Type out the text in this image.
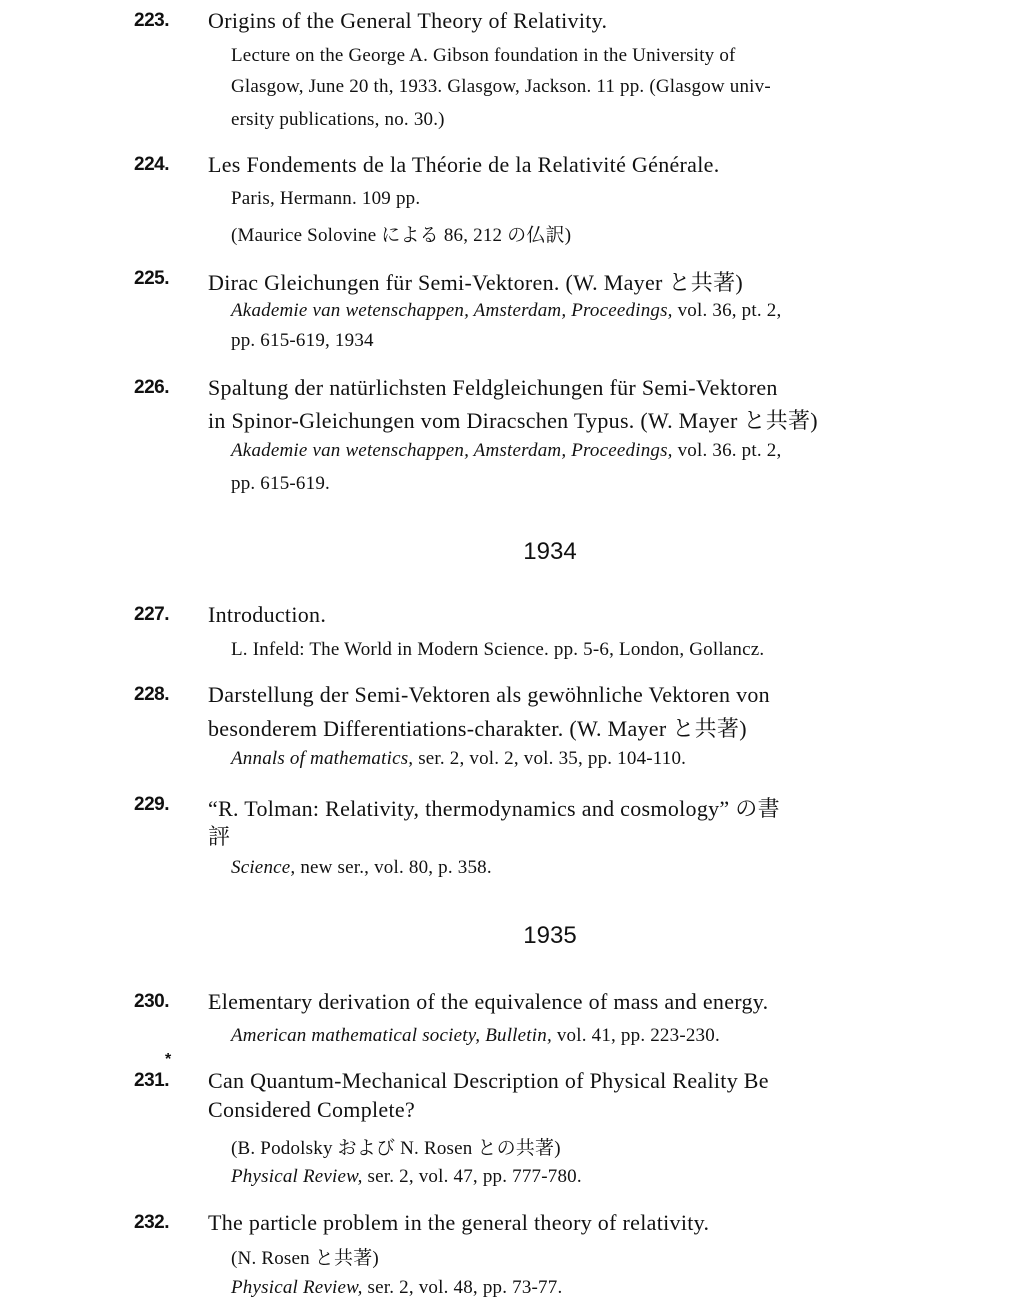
223. Origins of the General Theory of Relativity.
Lecture on the George A. Gibson foundation in the University of
Glasgow, June 20 th, 1933. Glasgow, Jackson. 11 pp. (Glasgow univ-
ersity publications, no. 30.)
224. Les Fondements de la Théorie de la Relativité Générale.
Paris, Hermann. 109 pp.
(Maurice Solovine による 86, 212 の仏訳)
225. Dirac Gleichungen für Semi-Vektoren. (W. Mayer と共著)
Akademie van wetenschappen, Amsterdam, Proceedings, vol. 36, pt. 2,
pp. 615-619, 1934
226. Spaltung der natürlichsten Feldgleichungen für Semi-Vektoren
in Spinor-Gleichungen vom Diracschen Typus. (W. Mayer と共著)
Akademie van wetenschappen, Amsterdam, Proceedings, vol. 36. pt. 2,
pp. 615-619.
1934
227. Introduction.
L. Infeld: The World in Modern Science. pp. 5-6, London, Gollancz.
228. Darstellung der Semi-Vektoren als gewöhnliche Vektoren von
besonderem Differentiations-charakter. (W. Mayer と共著)
Annals of mathematics, ser. 2, vol. 2, vol. 35, pp. 104-110.
229. “R. Tolman: Relativity, thermodynamics and cosmology” の書
評
Science, new ser., vol. 80, p. 358.
1935
230. Elementary derivation of the equivalence of mass and energy.
American mathematical society, Bulletin, vol. 41, pp. 223-230.
231.
*
Can Quantum-Mechanical Description of Physical Reality Be
Considered Complete?
(B. Podolsky および N. Rosen との共著)
Physical Review, ser. 2, vol. 47, pp. 777-780.
232. The particle problem in the general theory of relativity.
(N. Rosen と共著)
Physical Review, ser. 2, vol. 48, pp. 73-77.
